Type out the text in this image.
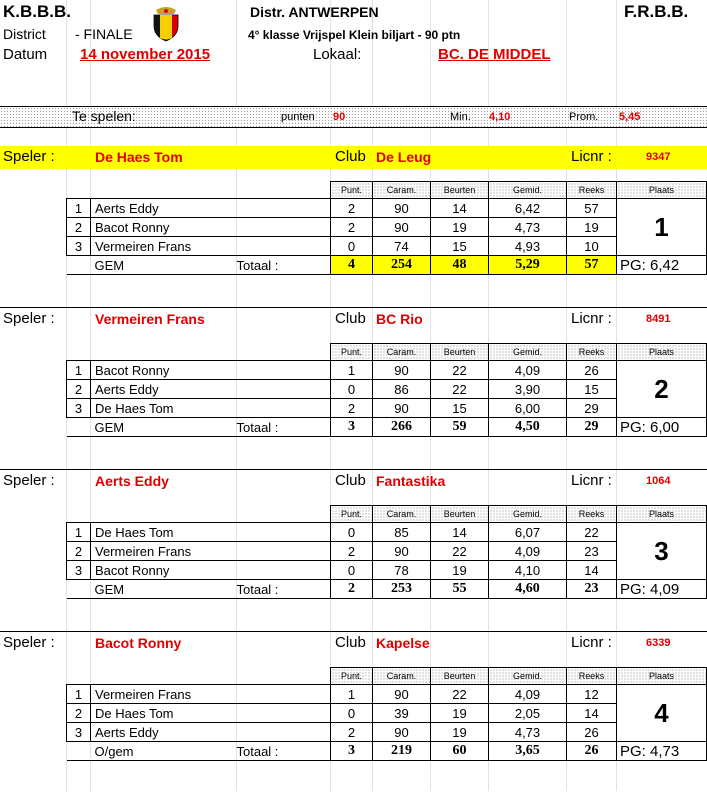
K.B.B.B.	Distr. ANTWERPEN	F.R.B.B.
District - FINALE	4° klasse Vrijspel Klein biljart - 90 ptn
Datum 14 november 2015	Lokaal:	BC. DE MIDDEL
Te spelen:	punten 90	Min. 4,10	Prom. 5,45
Speler :	De Haes Tom	Club De Leug	Licnr :	9347
			Punt.	Caram.	Beurten	Gemid.	Reeks	Plaats
1	Aerts Eddy		2	90	14	6,42	57	1
2	Bacot Ronny		2	90	19	4,73	19	
3	Vermeiren Frans		0	74	15	4,93	10	
	GEM	Totaal :	4	254	48	5,29	57	PG: 6,42
Speler :	Vermeiren Frans	Club BC Rio	Licnr :	8491
			Punt.	Caram.	Beurten	Gemid.	Reeks	Plaats
1	Bacot Ronny		1	90	22	4,09	26	2
2	Aerts Eddy		0	86	22	3,90	15	
3	De Haes Tom		2	90	15	6,00	29	
	GEM	Totaal :	3	266	59	4,50	29	PG: 6,00
Speler :	Aerts Eddy	Club Fantastika	Licnr :	1064
			Punt.	Caram.	Beurten	Gemid.	Reeks	Plaats
1	De Haes Tom		0	85	14	6,07	22	3
2	Vermeiren Frans		2	90	22	4,09	23	
3	Bacot Ronny		0	78	19	4,10	14	
	GEM	Totaal :	2	253	55	4,60	23	PG: 4,09
Speler :	Bacot Ronny	Club Kapelse	Licnr :	6339
			Punt.	Caram.	Beurten	Gemid.	Reeks	Plaats
1	Vermeiren Frans		1	90	22	4,09	12	4
2	De Haes Tom		0	39	19	2,05	14	
3	Aerts Eddy		2	90	19	4,73	26	
	O/gem	Totaal :	3	219	60	3,65	26	PG: 4,73
